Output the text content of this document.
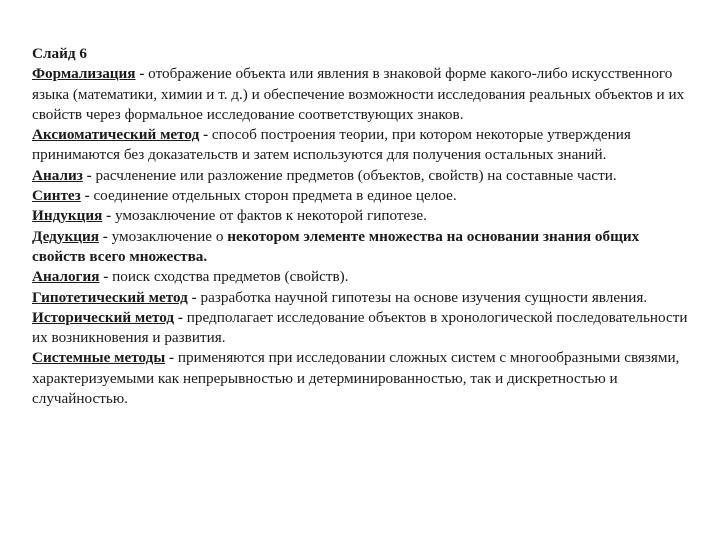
Слайд 6

Формализация - отображение объекта или явления в знаковой форме какого-либо искусственного языка (математики, химии и т. д.) и обеспечение возможности исследования реальных объектов и их свойств через формальное исследование соответствующих знаков.

Аксиоматический метод - способ построения теории, при котором некоторые утверждения принимаются без доказательств и затем используются для получения остальных знаний.

Анализ - расчленение или разложение предметов (объектов, свойств) на составные части.

Синтез - соединение отдельных сторон предмета в единое целое.

Индукция - умозаключение от фактов к некоторой гипотезе.

Дедукция - умозаключение о некотором элементе множества на основании знания общих свойств всего множества.

Аналогия - поиск сходства предметов (свойств).

Гипотетический метод - разработка научной гипотезы на основе изучения сущности явления.

Исторический метод - предполагает исследование объектов в хронологической последовательности их возникновения и развития.

Системные методы - применяются при исследовании сложных систем с многообразными связями, характеризуемыми как непрерывностью и детерминированностью, так и дискретностью и случайностью.
